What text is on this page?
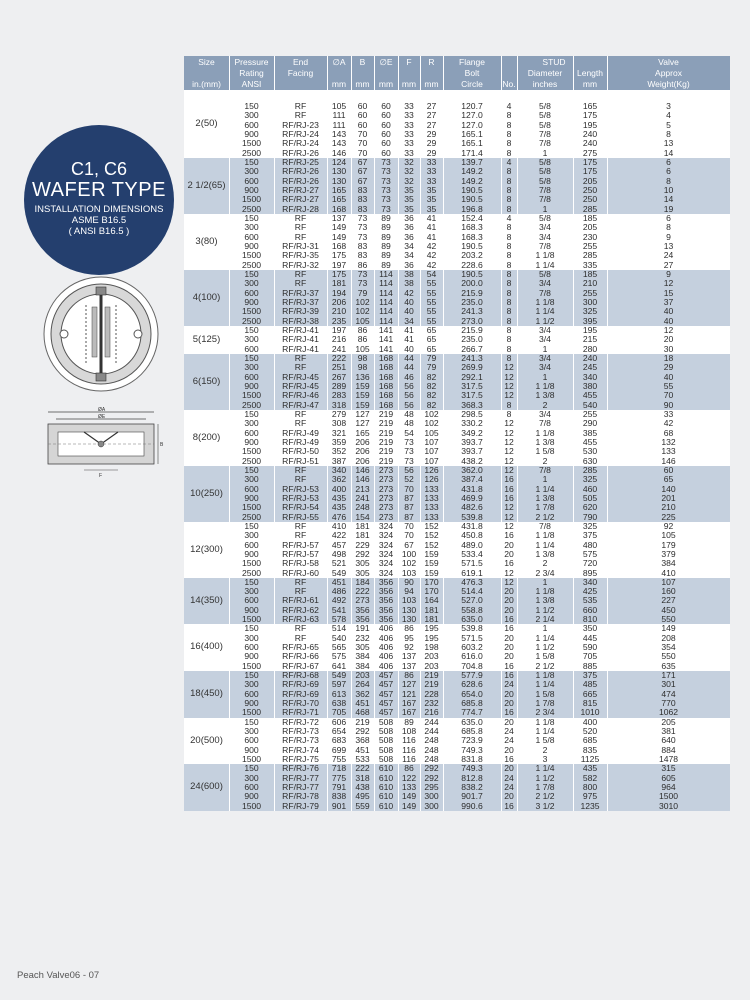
C1, C6
WAFER TYPE
INSTALLATION DIMENSIONS
ASME B16.5
( ANSI B16.5 )
ØA
ØE
B
F
Peach Valve06 - 07
Size	Pressure	End	∅A	B	∅E	F	R	Flange	STUD	Valve
Rating	Facing	Bolt	Diameter	Length	Approx
in.(mm)	ANSI	mm	mm	mm	mm mm	Circle	No.	inches	mm	Weight(Kg)
2(50)
150	RF	105	60	60	33	27	120.7	4	5/8	165	3
300	RF	111	60	60	33	27	127.0	8	5/8	175	4
600	RF/RJ-23	111	60	60	33	27	127.0	8	5/8	195	5
900	RF/RJ-24	143	70	60	33	29	165.1	8	7/8	240	8
1500	RF/RJ-24	143	70	60	33	29	165.1	8	7/8	240	13
2500	RF/RJ-26	146	70	60	33	29	171.4	8	1	275	14
2 1/2(65)
150	RF/RJ-25	124	67	73	32	33	139.7	4	5/8	175	6
300	RF/RJ-26	130	67	73	32	33	149.2	8	5/8	175	6
600	RF/RJ-26	130	67	73	32	33	149.2	8	5/8	205	8
900	RF/RJ-27	165	83	73	35	35	190.5	8	7/8	250	10
1500	RF/RJ-27	165	83	73	35	35	190.5	8	7/8	250	14
2500	RF/RJ-28	168	83	73	35	35	196.8	8	1	285	19
3(80)
150	RF	137	73	89	36	41	152.4	4	5/8	185	6
300	RF	149	73	89	36	41	168.3	8	3/4	205	8
600	RF	149	73	89	36	41	168.3	8	3/4	230	9
900	RF/RJ-31	168	83	89	34	42	190.5	8	7/8	255	13
1500	RF/RJ-35	175	83	89	34	42	203.2	8	1 1/8	285	24
2500	RF/RJ-32	197	86	89	36	42	228.6	8	1 1/4	335	27
4(100)
150	RF	175	73	114	38	54	190.5	8	5/8	185	9
300	RF	181	73	114	38	55	200.0	8	3/4	210	12
600	RF/RJ-37	194	79	114	42	55	215.9	8	7/8	255	15
900	RF/RJ-37	206	102	114	40	55	235.0	8	1 1/8	300	37
1500	RF/RJ-39	210	102	114	40	55	241.3	8	1 1/4	325	40
2500	RF/RJ-38	235	105	114	34	55	273.0	8	1 1/2	395	40
5(125)
150	RF/RJ-41	197	86	141	41	65	215.9	8	3/4	195	12
300	RF/RJ-41	216	86	141	41	65	235.0	8	3/4	215	20
600	RF/RJ-41	241	105	141	40	65	266.7	8	1	280	30
6(150)
150	RF	222	98	168	44	79	241.3	8	3/4	240	18
300	RF	251	98	168	44	79	269.9	12	3/4	245	29
600	RF/RJ-45	267	136	168	46	82	292.1	12	1	340	40
900	RF/RJ-45	289	159	168	56	82	317.5	12	1 1/8	380	55
1500	RF/RJ-46	283	159	168	56	82	317.5	12	1 3/8	455	70
2500	RF/RJ-47	318	159	168	56	82	368.3	8	2	540	90
8(200)
150	RF	279	127	219	48	102	298.5	8	3/4	255	33
300	RF	308	127	219	48	102	330.2	12	7/8	290	42
600	RF/RJ-49	321	165	219	54	105	349.2	12	1 1/8	385	68
900	RF/RJ-49	359	206	219	73	107	393.7	12	1 3/8	455	132
1500	RF/RJ-50	352	206	219	73	107	393.7	12	1 5/8	530	133
2500	RF/RJ-51	387	206	219	73	107	438.2	12	2	630	146
10(250)
150	RF	340	146	273	56	126	362.0	12	7/8	285	60
300	RF	362	146	273	52	126	387.4	16	1	325	65
600	RF/RJ-53	400	213	273	70	133	431.8	16	1 1/4	460	140
900	RF/RJ-53	435	241	273	87	133	469.9	16	1 3/8	505	201
1500	RF/RJ-54	435	248	273	87	133	482.6	12	1 7/8	620	210
2500	RF/RJ-55	476	154	273	87	133	539.8	12	2 1/2	790	225
12(300)
150	RF	410	181	324	70	152	431.8	12	7/8	325	92
300	RF	422	181	324	70	152	450.8	16	1 1/8	375	105
600	RF/RJ-57	457	229	324	67	152	489.0	20	1 1/4	480	179
900	RF/RJ-57	498	292	324	100 159	533.4	20	1 3/8	575	379
1500	RF/RJ-58	521	305	324	102 159	571.5	16	2	720	384
2500	RF/RJ-60	549	305	324	103 159	619.1	12	2 3/4	895	410
14(350)
150	RF	451	184	356	90	170	476.3	12	1	340	107
300	RF	486	222	356	94	170	514.4	20	1 1/8	425	160
600	RF/RJ-61	492	273	356	103 164	527.0	20	1 3/8	535	227
900	RF/RJ-62	541	356	356	130 181	558.8	20	1 1/2	660	450
1500	RF/RJ-63	578	356	356	130 181	635.0	16	2 1/4	810	550
16(400)
150	RF	514	191	406	86	195	539.8	16	1	350	149
300	RF	540	232	406	95	195	571.5	20	1 1/4	445	208
600	RF/RJ-65	565	305	406	92	198	603.2	20	1 1/2	590	354
900	RF/RJ-66	575	384	406	137 203	616.0	20	1 5/8	705	550
1500	RF/RJ-67	641	384	406	137 203	704.8	16	2 1/2	885	635
18(450)
150	RF/RJ-68	549	203	457	86	219	577.9	16	1 1/8	375	171
300	RF/RJ-69	597	264	457	127 219	628.6	24	1 1/4	485	301
600	RF/RJ-69	613	362	457	121 228	654.0	20	1 5/8	665	474
900	RF/RJ-70	638	451	457	167 232	685.8	20	1 7/8	815	770
1500	RF/RJ-71	705	468	457	167 216	774.7	16	2 3/4	1010	1062
20(500)
150	RF/RJ-72	606	219	508	89	244	635.0	20	1 1/8	400	205
300	RF/RJ-73	654	292	508	108 244	685.8	24	1 1/4	520	381
600	RF/RJ-73	683	368	508	116 248	723.9	24	1 5/8	685	640
900	RF/RJ-74	699	451	508	116 248	749.3	20	2	835	884
1500	RF/RJ-75	755	533	508	116 248	831.8	16	3	1125	1478
24(600)
150	RF/RJ-76	718	222	610	86	292	749.3	20	1 1/4	435	315
300	RF/RJ-77	775	318	610	122 292	812.8	24	1 1/2	582	605
600	RF/RJ-77	791	438	610	133 295	838.2	24	1 7/8	800	964
900	RF/RJ-78	838	495	610	149 300	901.7	20	2 1/2	975	1500
1500	RF/RJ-79	901	559	610	149 300	990.6	16	3 1/2	1235	3010
